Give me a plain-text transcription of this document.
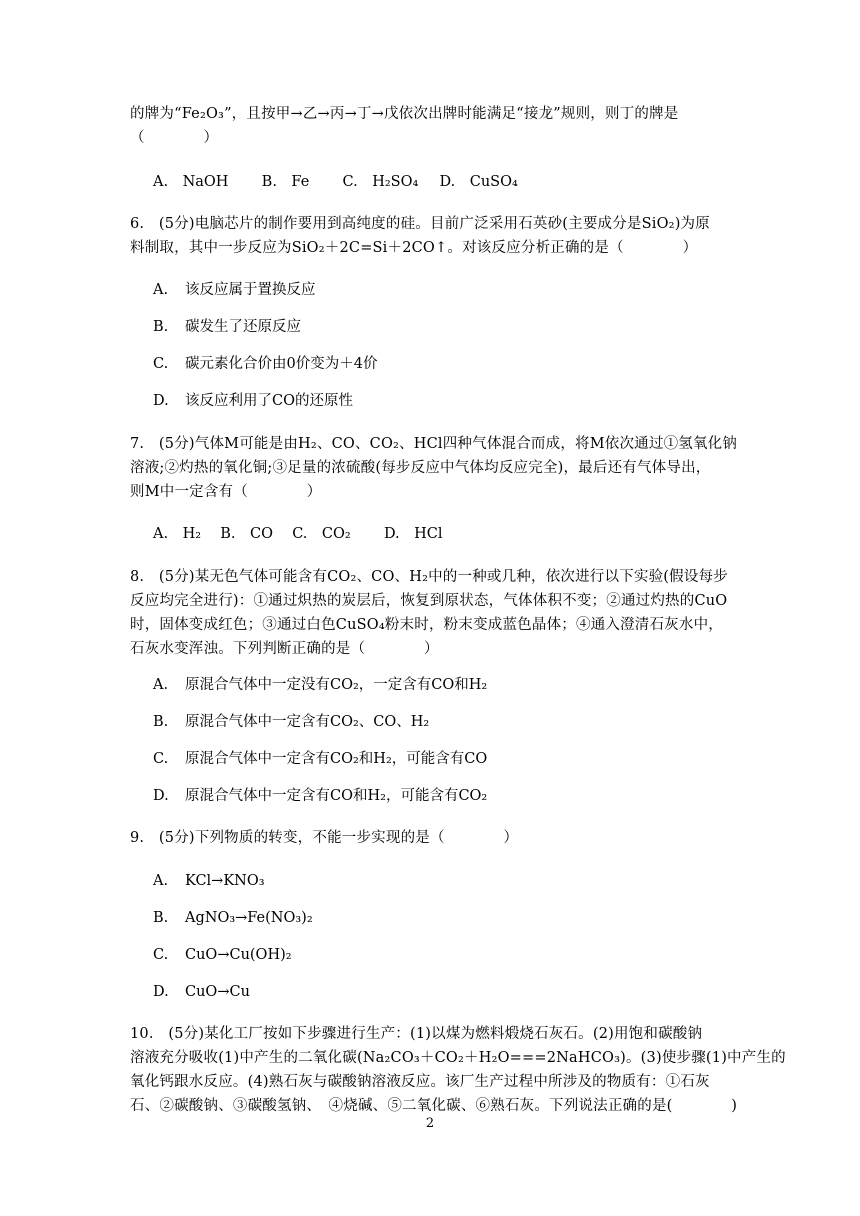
的牌为“Fe₂O₃”，且按甲→乙→丙→丁→戊依次出牌时能满足“接龙”规则，则丁的牌是
（　　　　）
A.　NaOH B.　Fe C.　H₂SO₄ D.　CuSO₄
6.　(5分)电脑芯片的制作要用到高纯度的硅。目前广泛采用石英砂(主要成分是SiO₂)为原
料制取，其中一步反应为SiO₂＋2C=Si＋2CO↑。对该反应分析正确的是（　　　　）
A. 该反应属于置换反应
B. 碳发生了还原反应
C. 碳元素化合价由0价变为＋4价
D. 该反应利用了CO的还原性
7.　(5分)气体M可能是由H₂、CO、CO₂、HCl四种气体混合而成，将M依次通过①氢氧化钠
溶液;②灼热的氧化铜;③足量的浓硫酸(每步反应中气体均反应完全)，最后还有气体导出，
则M中一定含有（　　　　）
A.　H₂ B.　CO C.　CO₂ D.　HCl
8.　(5分)某无色气体可能含有CO₂、CO、H₂中的一种或几种，依次进行以下实验(假设每步
反应均完全进行)：①通过炽热的炭层后，恢复到原状态，气体体积不变；②通过灼热的CuO
时，固体变成红色；③通过白色CuSO₄粉末时，粉末变成蓝色晶体；④通入澄清石灰水中，
石灰水变浑浊。下列判断正确的是（　　　　）
A. 原混合气体中一定没有CO₂，一定含有CO和H₂
B. 原混合气体中一定含有CO₂、CO、H₂
C. 原混合气体中一定含有CO₂和H₂，可能含有CO
D. 原混合气体中一定含有CO和H₂，可能含有CO₂
9.　(5分)下列物质的转变，不能一步实现的是（　　　　）
A. KCl→KNO₃
B. AgNO₃→Fe(NO₃)₂
C. CuO→Cu(OH)₂
D. CuO→Cu
10.　(5分)某化工厂按如下步骤进行生产：(1)以煤为燃料煅烧石灰石。(2)用饱和碳酸钠
溶液充分吸收(1)中产生的二氧化碳(Na₂CO₃＋CO₂＋H₂O===2NaHCO₃)。(3)使步骤(1)中产生的
氧化钙跟水反应。(4)熟石灰与碳酸钠溶液反应。该厂生产过程中所涉及的物质有：①石灰
石、②碳酸钠、③碳酸氢钠、　④烧碱、⑤二氧化碳、⑥熟石灰。下列说法正确的是(　　　　)
2
